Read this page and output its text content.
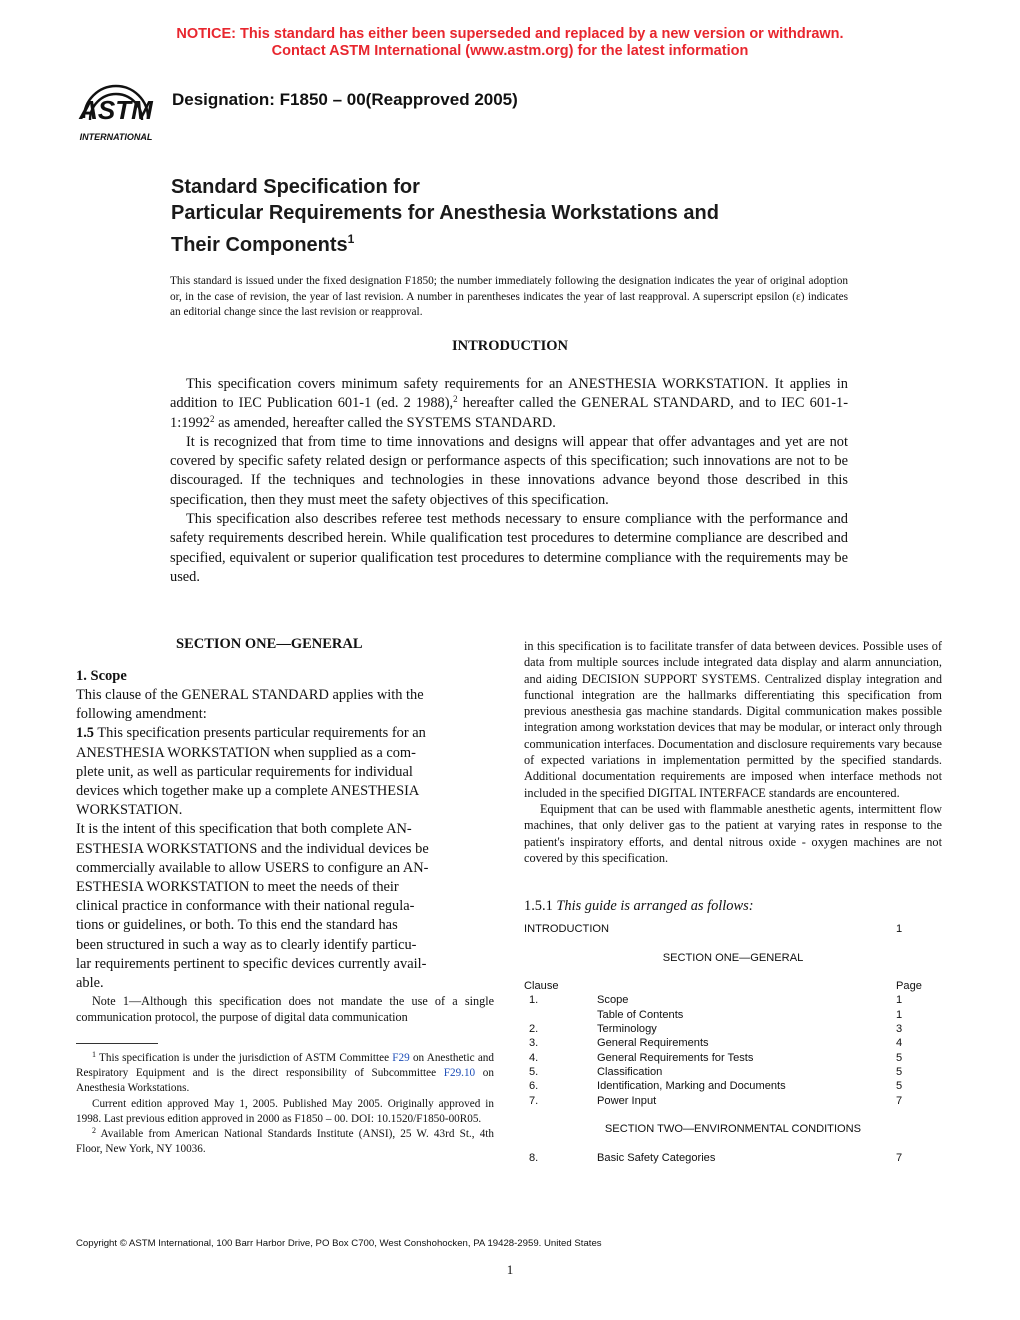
NOTICE: This standard has either been superseded and replaced by a new version or withdrawn.
Contact ASTM International (www.astm.org) for the latest information
ASTM
INTERNATIONAL
Designation: F1850 – 00(Reapproved 2005)
Standard Specification for
Particular Requirements for Anesthesia Workstations and
Their Components$^1$
This standard is issued under the fixed designation F1850; the number immediately following the designation indicates the year of original adoption or, in the case of revision, the year of last revision. A number in parentheses indicates the year of last reapproval. A superscript epsilon (ε) indicates an editorial change since the last revision or reapproval.
INTRODUCTION

This specification covers minimum safety requirements for an ANESTHESIA WORKSTATION. It applies in addition to IEC Publication 601-1 (ed. 2 1988),$^2$ hereafter called the GENERAL STANDARD, and to IEC 601-1-1:1992$^2$ as amended, hereafter called the SYSTEMS STANDARD.

It is recognized that from time to time innovations and designs will appear that offer advantages and yet are not covered by specific safety related design or performance aspects of this specification; such innovations are not to be discouraged. If the techniques and technologies in these innovations advance beyond those described in this specification, then they must meet the safety objectives of this specification.

This specification also describes referee test methods necessary to ensure compliance with the performance and safety requirements described herein. While qualification test procedures to determine compliance are described and specified, equivalent or superior qualification test procedures to determine compliance with the requirements may be used.

SECTION ONE—GENERAL
1. Scope

This clause of the GENERAL STANDARD applies with the

following amendment:

1.5 This specification presents particular requirements for an

ANESTHESIA WORKSTATION when supplied as a com-

plete unit, as well as particular requirements for individual

devices which together make up a complete ANESTHESIA

WORKSTATION.

It is the intent of this specification that both complete AN-

ESTHESIA WORKSTATIONS and the individual devices be

commercially available to allow USERS to configure an AN-

ESTHESIA WORKSTATION to meet the needs of their

clinical practice in conformance with their national regula-

tions or guidelines, or both. To this end the standard has

been structured in such a way as to clearly identify particu-

lar requirements pertinent to specific devices currently avail-

able.

Note 1—Although this specification does not mandate the use of a single communication protocol, the purpose of digital data communication

$^1$ This specification is under the jurisdiction of ASTM Committee F29 on Anesthetic and Respiratory Equipment and is the direct responsibility of Subcommittee F29.10 on Anesthesia Workstations.

Current edition approved May 1, 2005. Published May 2005. Originally approved in 1998. Last previous edition approved in 2000 as F1850 – 00. DOI: 10.1520/F1850-00R05.

$^2$ Available from American National Standards Institute (ANSI), 25 W. 43rd St., 4th Floor, New York, NY 10036.

in this specification is to facilitate transfer of data between devices. Possible uses of data from multiple sources include integrated data display and alarm annunciation, and aiding DECISION SUPPORT SYSTEMS. Centralized display integration and functional integration are the hallmarks differentiating this specification from previous anesthesia gas machine standards. Digital communication makes possible integration among workstation devices that may be modular, or interact only through communication interfaces. Documentation and disclosure requirements vary because of expected variations in implementation permitted by the specified standards. Additional documentation requirements are imposed when interface methods not included in the specified DIGITAL INTERFACE standards are encountered.

Equipment that can be used with flammable anesthetic agents, intermittent flow machines, that only deliver gas to the patient at varying rates in response to the patient's inspiratory efforts, and dental nitrous oxide - oxygen machines are not covered by this specification.

1.5.1 This guide is arranged as follows:
INTRODUCTION	1
SECTION ONE—GENERAL
Clause	Page
1.	Scope	1
Table of Contents	1
2.	Terminology	3
3.	General Requirements	4
4.	General Requirements for Tests	5
5.	Classification	5
6.	Identification, Marking and Documents	5
7.	Power Input	7
SECTION TWO—ENVIRONMENTAL CONDITIONS
8.	Basic Safety Categories	7
Copyright © ASTM International, 100 Barr Harbor Drive, PO Box C700, West Conshohocken, PA 19428-2959. United States
1
